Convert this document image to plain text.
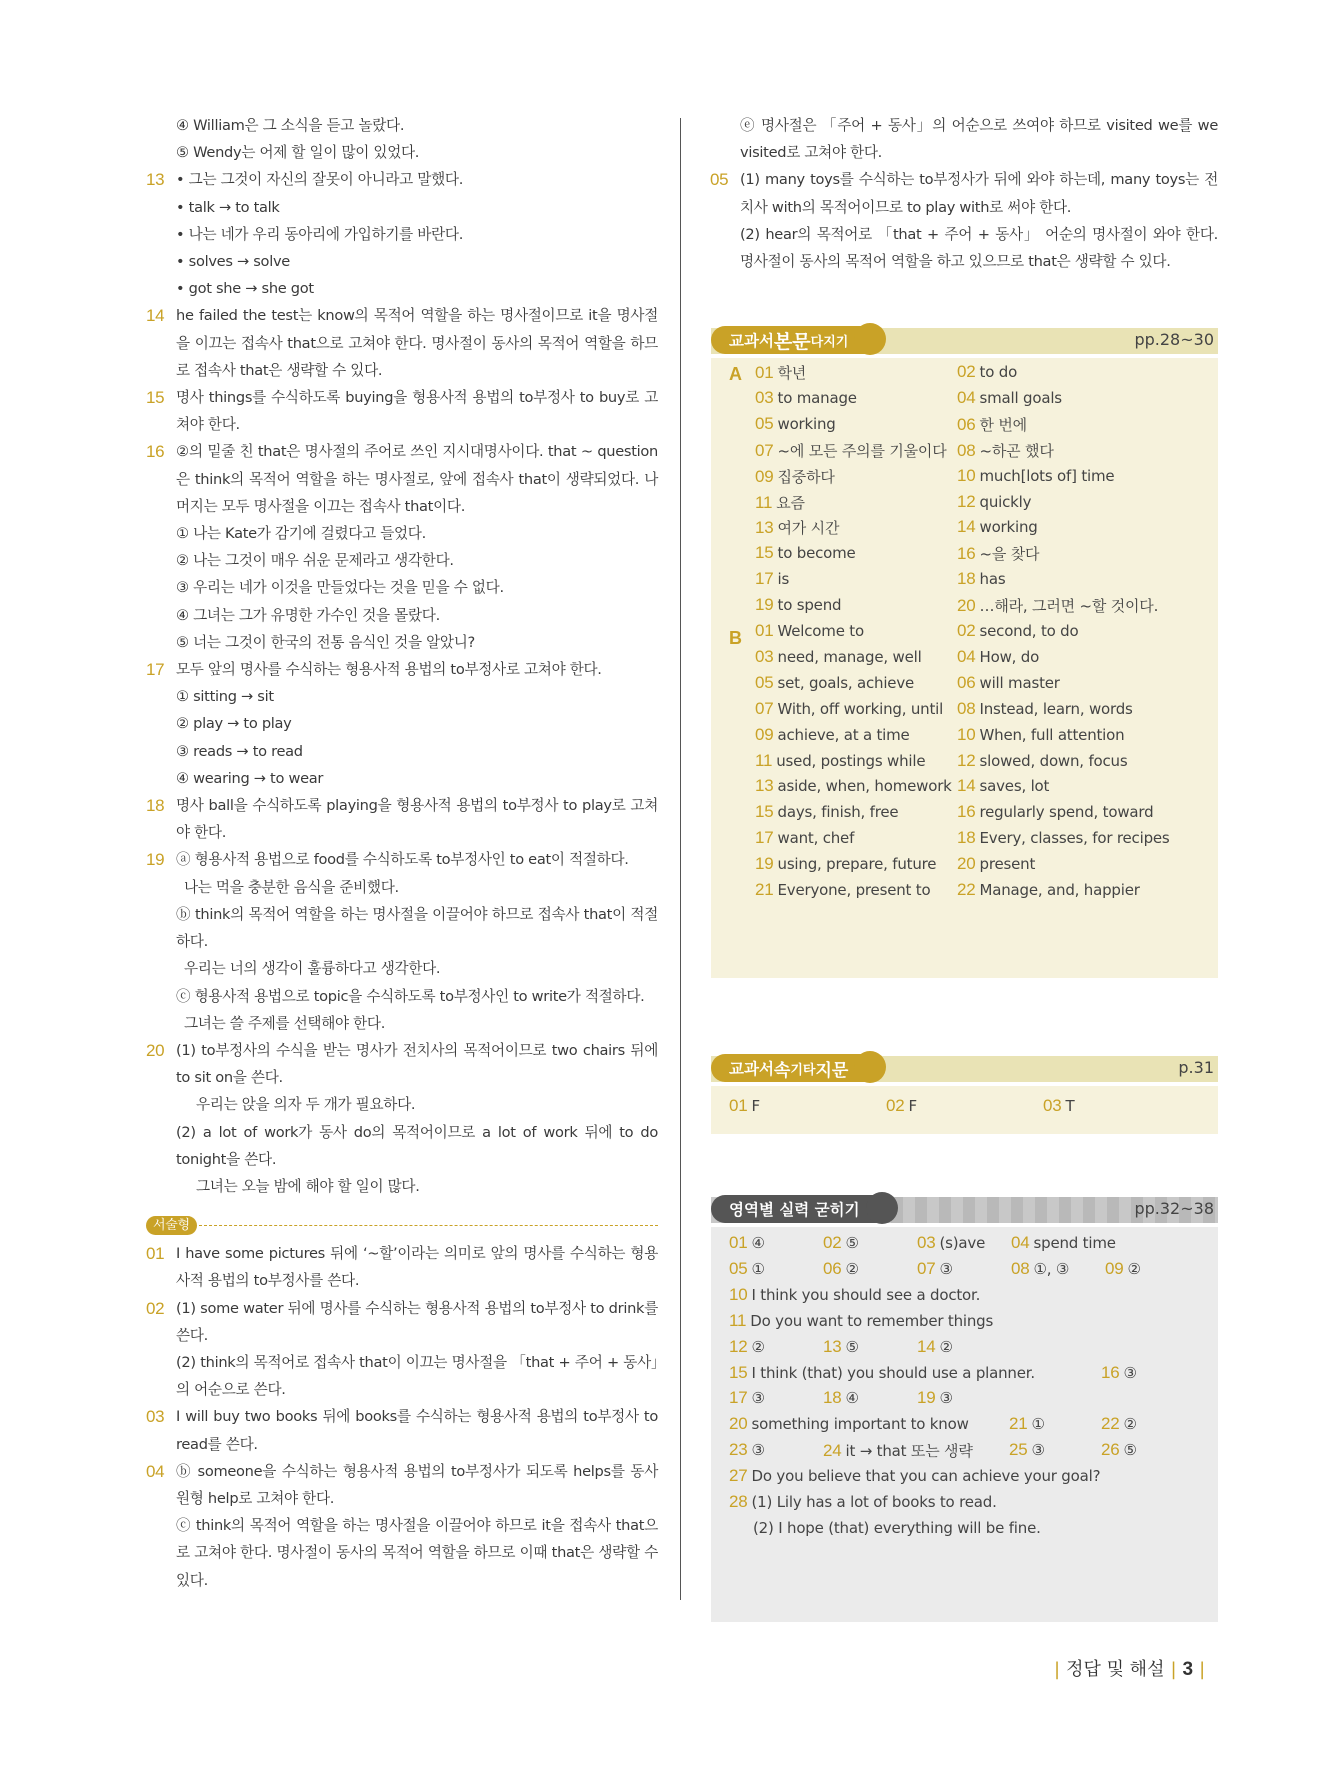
④ William은 그 소식을 듣고 놀랐다.
⑤ Wendy는 어제 할 일이 많이 있었다.
13 • 그는 그것이 자신의 잘못이 아니라고 말했다.
• talk → to talk
• 나는 네가 우리 동아리에 가입하기를 바란다.
• solves → solve
• got she → she got
14 he failed the test는 know의 목적어 역할을 하는 명사절이므로 it을 명사절을 이끄는 접속사 that으로 고쳐야 한다. 명사절이 동사의 목적어 역할을 하므로 접속사 that은 생략할 수 있다.
15 명사 things를 수식하도록 buying을 형용사적 용법의 to부정사 to buy로 고쳐야 한다.
16 ②의 밑줄 친 that은 명사절의 주어로 쓰인 지시대명사이다. that ~ question은 think의 목적어 역할을 하는 명사절로, 앞에 접속사 that이 생략되었다. 나머지는 모두 명사절을 이끄는 접속사 that이다.
① 나는 Kate가 감기에 걸렸다고 들었다.
② 나는 그것이 매우 쉬운 문제라고 생각한다.
③ 우리는 네가 이것을 만들었다는 것을 믿을 수 없다.
④ 그녀는 그가 유명한 가수인 것을 몰랐다.
⑤ 너는 그것이 한국의 전통 음식인 것을 알았니?
17 모두 앞의 명사를 수식하는 형용사적 용법의 to부정사로 고쳐야 한다.
① sitting → sit
② play → to play
③ reads → to read
④ wearing → to wear
18 명사 ball을 수식하도록 playing을 형용사적 용법의 to부정사 to play로 고쳐야 한다.
19 ⓐ 형용사적 용법으로 food를 수식하도록 to부정사인 to eat이 적절하다.
나는 먹을 충분한 음식을 준비했다.
ⓑ think의 목적어 역할을 하는 명사절을 이끌어야 하므로 접속사 that이 적절하다.
우리는 너의 생각이 훌륭하다고 생각한다.
ⓒ 형용사적 용법으로 topic을 수식하도록 to부정사인 to write가 적절하다.
그녀는 쓸 주제를 선택해야 한다.
20 (1) to부정사의 수식을 받는 명사가 전치사의 목적어이므로 two chairs 뒤에 to sit on을 쓴다.
우리는 앉을 의자 두 개가 필요하다.
(2) a lot of work가 동사 do의 목적어이므로 a lot of work 뒤에 to do tonight을 쓴다.
그녀는 오늘 밤에 해야 할 일이 많다.
서술형
01 I have some pictures 뒤에 ‘~할’이라는 의미로 앞의 명사를 수식하는 형용사적 용법의 to부정사를 쓴다.
02 (1) some water 뒤에 명사를 수식하는 형용사적 용법의 to부정사 to drink를 쓴다.
(2) think의 목적어로 접속사 that이 이끄는 명사절을 「that + 주어 + 동사」의 어순으로 쓴다.
03 I will buy two books 뒤에 books를 수식하는 형용사적 용법의 to부정사 to read를 쓴다.
04 ⓑ someone을 수식하는 형용사적 용법의 to부정사가 되도록 helps를 동사원형 help로 고쳐야 한다.
ⓒ think의 목적어 역할을 하는 명사절을 이끌어야 하므로 it을 접속사 that으로 고쳐야 한다. 명사절이 동사의 목적어 역할을 하므로 이때 that은 생략할 수 있다.
ⓔ 명사절은 「주어 + 동사」의 어순으로 쓰여야 하므로 visited we를 we visited로 고쳐야 한다.
05 (1) many toys를 수식하는 to부정사가 뒤에 와야 하는데, many toys는 전치사 with의 목적어이므로 to play with로 써야 한다.
(2) hear의 목적어로 「that + 주어 + 동사」 어순의 명사절이 와야 한다. 명사절이 동사의 목적어 역할을 하고 있으므로 that은 생략할 수 있다.
교과서 본문 다지기	pp.28~30
A
B
01 학년	02 to do
03 to manage	04 small goals
05 working	06 한 번에
07 ~에 모든 주의를 기울이다 08 ~하곤 했다
09 집중하다	10 much[lots of] time
11 요즘	12 quickly
13 여가 시간	14 working
15 to become	16 ~을 찾다
17 is	18 has
19 to spend	20 …해라, 그러면 ~할 것이다.
01 Welcome to	02 second, to do
03 need, manage, well 04 How, do
05 set, goals, achieve	06 will master
07 With, off working, until 08 Instead, learn, words
09 achieve, at a time	10 When, full attention
11 used, postings while 12 slowed, down, focus
13 aside, when, homework 14 saves, lot
15 days, finish, free	16 regularly spend, toward
17 want, chef	18 Every, classes, for recipes
19 using, prepare, future 20 present
21 Everyone, present to 22 Manage, and, happier
교과서 속 기타 지문	p.31
01 F	02 F	03 T
영역별 실력 굳히기	pp.32~38
01 ④	02 ⑤	03 (s)ave 04 spend time
05 ①	06 ②	07 ③	08 ①, ③ 09 ②
10 I think you should see a doctor.
11 Do you want to remember things
12 ②	13 ⑤	14 ②
15 I think (that) you should use a planner.	16 ③
17 ③	18 ④	19 ③
20 something important to know 21 ①	22 ②
23 ③	24 it → that 또는 생략 25 ③	26 ⑤
27 Do you believe that you can achieve your goal?
28 (1) Lily has a lot of books to read.
(2) I hope (that) everything will be fine.
| 정답 및 해설 | 3 |
